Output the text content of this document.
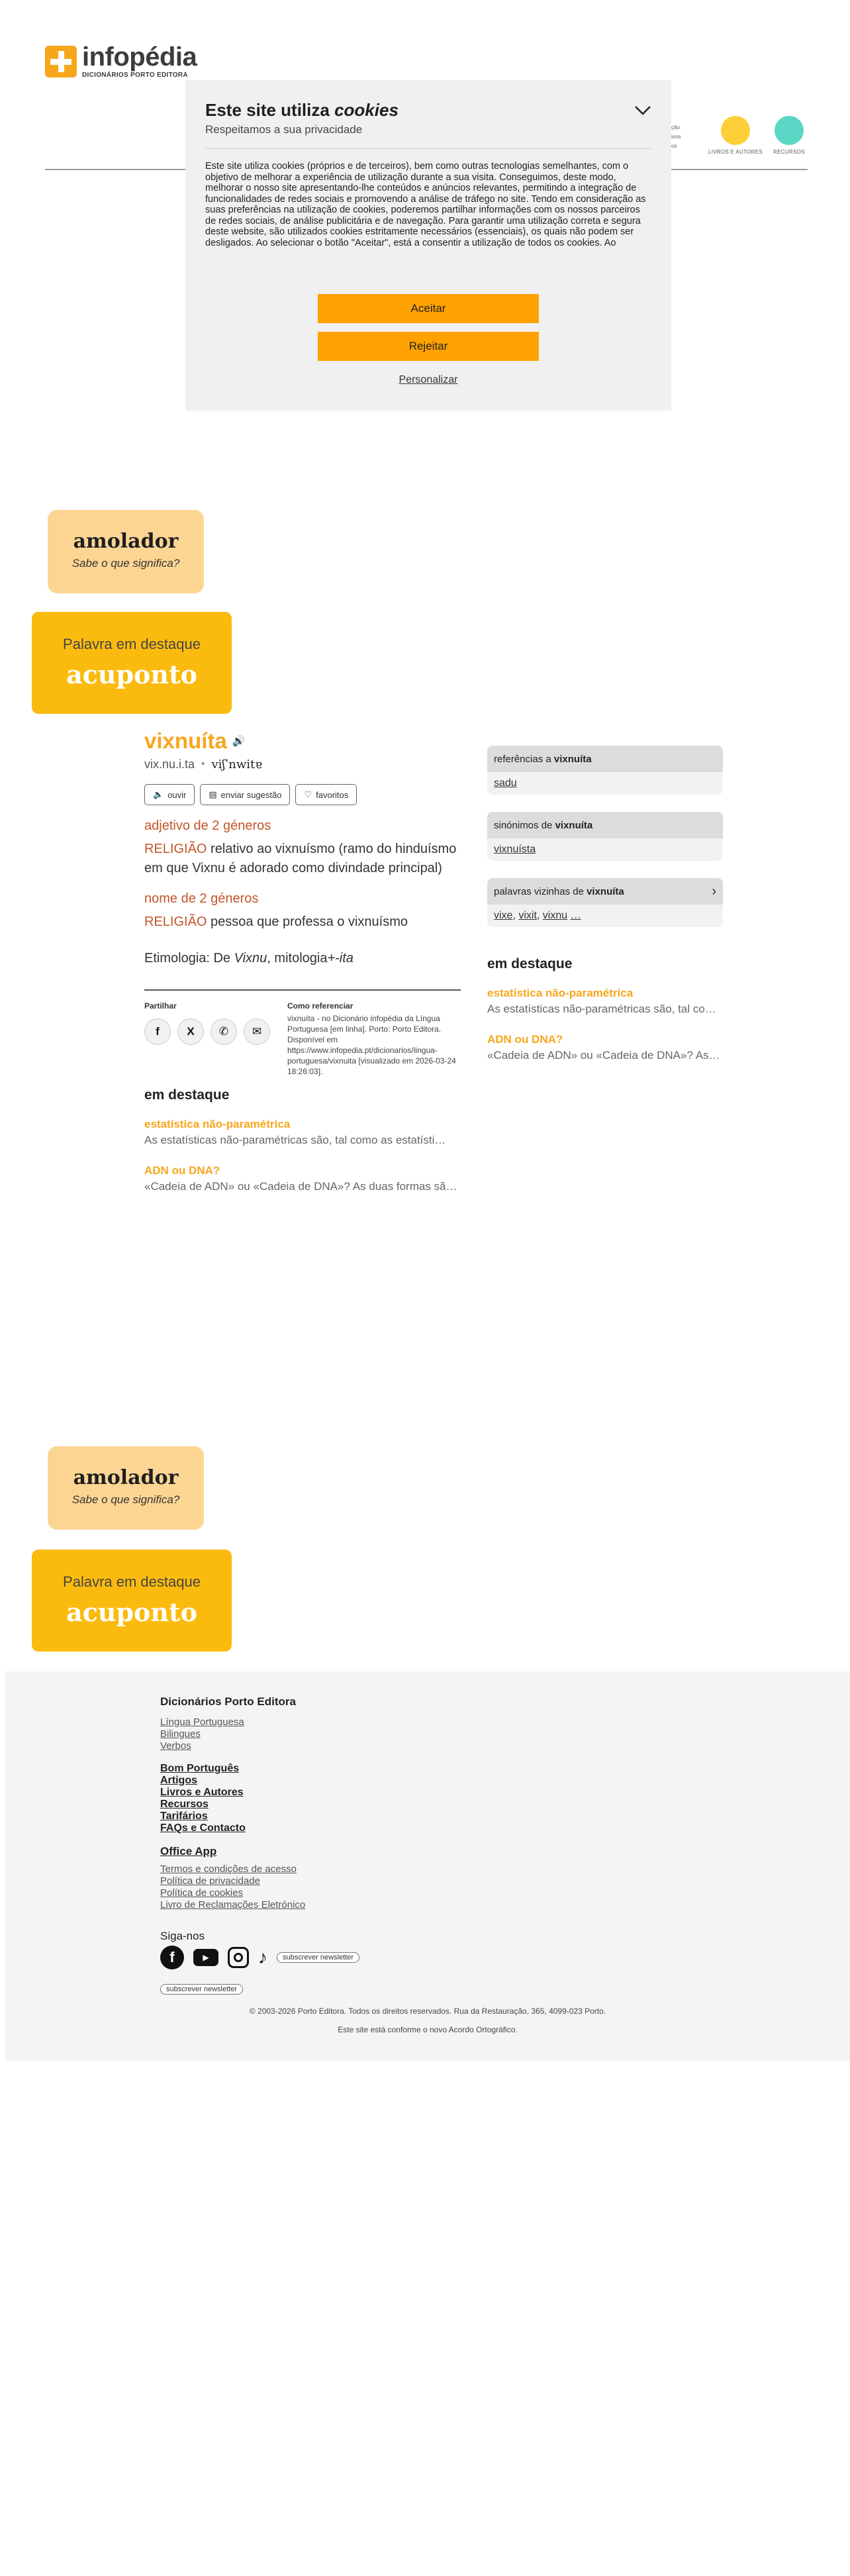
infopédia
DICIONÁRIOS PORTO EDITORA
ção
ions
os
LIVROS E AUTORES	RECURSOS
amolador
Sabe o que significa?
Palavra em destaque
acuponto
vixnuíta 🔊
vix.nu.i.ta * viʃˈnwitɐ
🔈 ouvir	▤ enviar sugestão	♡ favoritos
adjetivo de 2 géneros
RELIGIÃO relativo ao vixnuísmo (ramo do hinduísmo em que Vixnu é adorado como divindade principal)
nome de 2 géneros
RELIGIÃO pessoa que professa o vixnuísmo
Etimologia: De Vixnu, mitologia+-ita
Partilhar
f	X	✆	✉
Como referenciar
vixnuíta - no Dicionário infopédia da Língua Portuguesa [em linha]. Porto: Porto Editora. Disponível em https://www.infopedia.pt/dicionarios/lingua-portuguesa/vixnuita [visualizado em 2026-03-24 18:26:03].
em destaque
estatística não-paramétrica
As estatísticas não-paramétricas são, tal como as estatísti…
ADN ou DNA?
«Cadeia de ADN» ou «Cadeia de DNA»? As duas formas sã…
referências a vixnuíta
sadu
sinónimos de vixnuíta
vixnuísta
palavras vizinhas de vixnuíta	›
vixe, vixit, vixnu …
em destaque
estatística não-paramétrica
As estatísticas não-paramétricas são, tal co…
ADN ou DNA?
«Cadeia de ADN» ou «Cadeia de DNA»? As …
amolador
Sabe o que significa?
Palavra em destaque
acuponto
Dicionários Porto Editora
Língua Portuguesa
Bilingues
Verbos
Bom Português
Artigos
Livros e Autores
Recursos
Tarifários
FAQs e Contacto
Office App
Termos e condições de acesso
Política de privacidade
Política de cookies
Livro de Reclamações Eletrónico
Siga-nos
f	▶	♪	subscrever newsletter
subscrever newsletter
© 2003-2026 Porto Editora. Todos os direitos reservados. Rua da Restauração, 365, 4099-023 Porto.
Este site está conforme o novo Acordo Ortográfico.
Este site utiliza cookies
Respeitamos a sua privacidade
Este site utiliza cookies (próprios e de terceiros), bem como outras tecnologias semelhantes, com o objetivo de melhorar a experiência de utilização durante a sua visita. Conseguimos, deste modo, melhorar o nosso site apresentando-lhe conteúdos e anúncios relevantes, permitindo a integração de funcionalidades de redes sociais e promovendo a análise de tráfego no site. Tendo em consideração as suas preferências na utilização de cookies, poderemos partilhar informações com os nossos parceiros de redes sociais, de análise publicitária e de navegação. Para garantir uma utilização correta e segura deste website, são utilizados cookies estritamente necessários (essenciais), os quais não podem ser desligados. Ao selecionar o botão "Aceitar", está a consentir a utilização de todos os cookies. Ao
Aceitar
Rejeitar
Personalizar
